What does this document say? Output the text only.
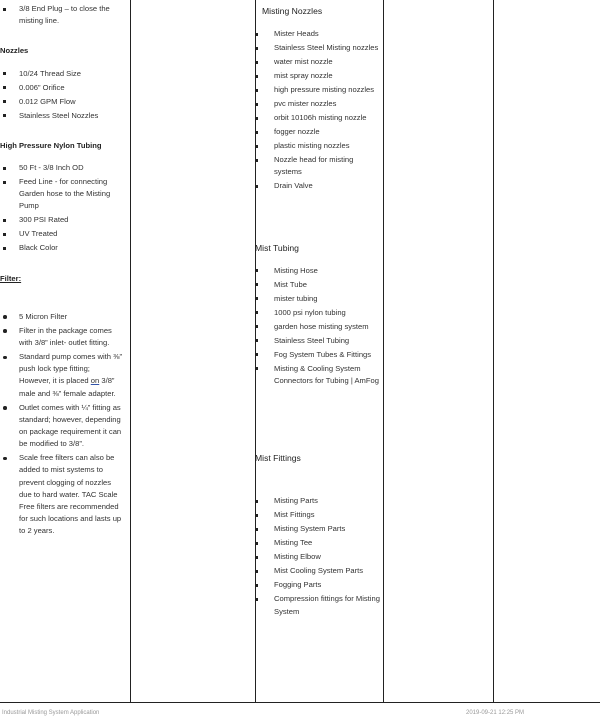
3/8 End Plug – to close the misting line.

Nozzles

10/24 Thread Size
0.006” Orifice
0.012 GPM Flow
Stainless Steel Nozzles

High Pressure Nylon Tubing

50 Ft - 3/8 Inch OD
Feed Line - for connecting Garden hose to the Misting Pump
300 PSI Rated
UV Treated
Black Color

Filter:

5 Micron Filter
Filter in the package comes with 3/8” inlet- outlet fitting.
Standard pump comes with ⅜” push lock type fitting; However, it is placed on 3/8” male and ⅜” female adapter.
Outlet comes with ¼” fitting as standard; however, depending on package requirement it can be modified to 3/8”.
Scale free filters can also be added to mist systems to prevent clogging of nozzles due to hard water. TAC Scale Free filters are recommended for such locations and lasts up to 2 years.

Misting Nozzles

Mister Heads
Stainless Steel Misting nozzles
water mist nozzle
mist spray nozzle
high pressure misting nozzles
pvc mister nozzles
orbit 10106h misting nozzle
fogger nozzle
plastic misting nozzles
Nozzle head for misting systems
Drain Valve

Mist Tubing

Misting Hose
Mist Tube
mister tubing
1000 psi nylon tubing
garden hose misting system
Stainless Steel Tubing
Fog System Tubes & Fittings
Misting & Cooling System Connectors for Tubing | AmFog

Mist Fittings

Misting Parts
Mist Fittings
Misting System Parts
Misting Tee
Misting Elbow
Mist Cooling System Parts
Fogging Parts
Compression fittings for Misting System
Industrial Misting System Application	2019-09-21 12:25 PM
